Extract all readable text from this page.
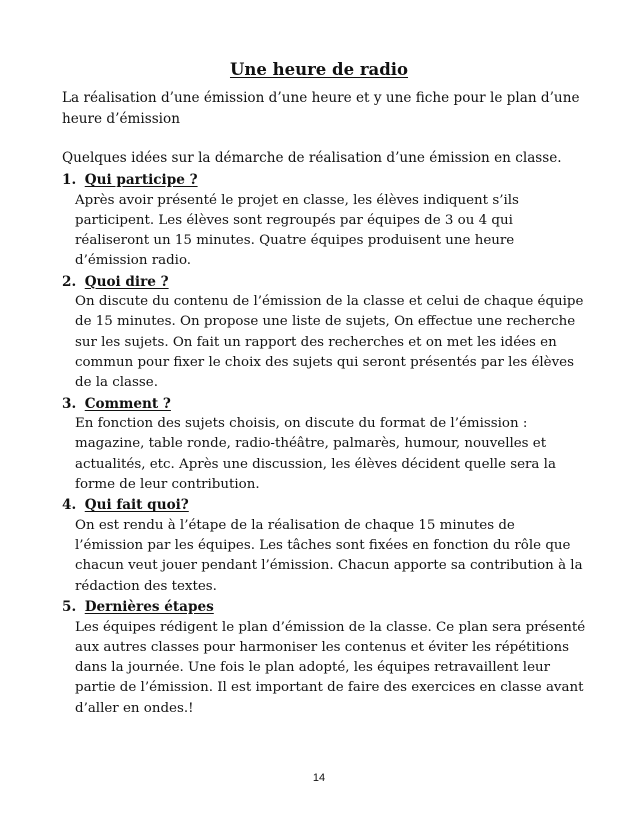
Une heure de radio
La réalisation d’une émission d’une heure et y une fiche pour le plan d’une heure d’émission
Quelques idées sur la démarche de réalisation d’une émission en classe.
1. Qui participe ?
Après avoir présenté le projet en classe, les élèves indiquent s’ils participent. Les élèves sont regroupés par équipes de 3 ou 4 qui réaliseront un 15 minutes. Quatre équipes produisent une heure d’émission radio.
2. Quoi dire ?
On discute du contenu de l’émission de la classe et celui de chaque équipe de 15 minutes. On propose une liste de sujets, On effectue une recherche sur les sujets. On fait un rapport des recherches et on met les idées en commun pour fixer le choix des sujets qui seront présentés par les élèves de la classe.
3. Comment ?
En fonction des sujets choisis, on discute du format de l’émission : magazine, table ronde, radio-théâtre, palmarès, humour, nouvelles et actualités, etc. Après une discussion, les élèves décident quelle sera la forme de leur contribution.
4. Qui fait quoi?
On est rendu à l’étape de la réalisation de chaque 15 minutes de l’émission par les équipes. Les tâches sont fixées en fonction du rôle que chacun veut jouer pendant l’émission. Chacun apporte sa contribution à la rédaction des textes.
5. Dernières étapes
Les équipes rédigent le plan d’émission de la classe. Ce plan sera présenté aux autres classes pour harmoniser les contenus et éviter les répétitions dans la journée. Une fois le plan adopté, les équipes retravaillent leur partie de l’émission. Il est important de faire des exercices en classe avant d’aller en ondes.!
14
